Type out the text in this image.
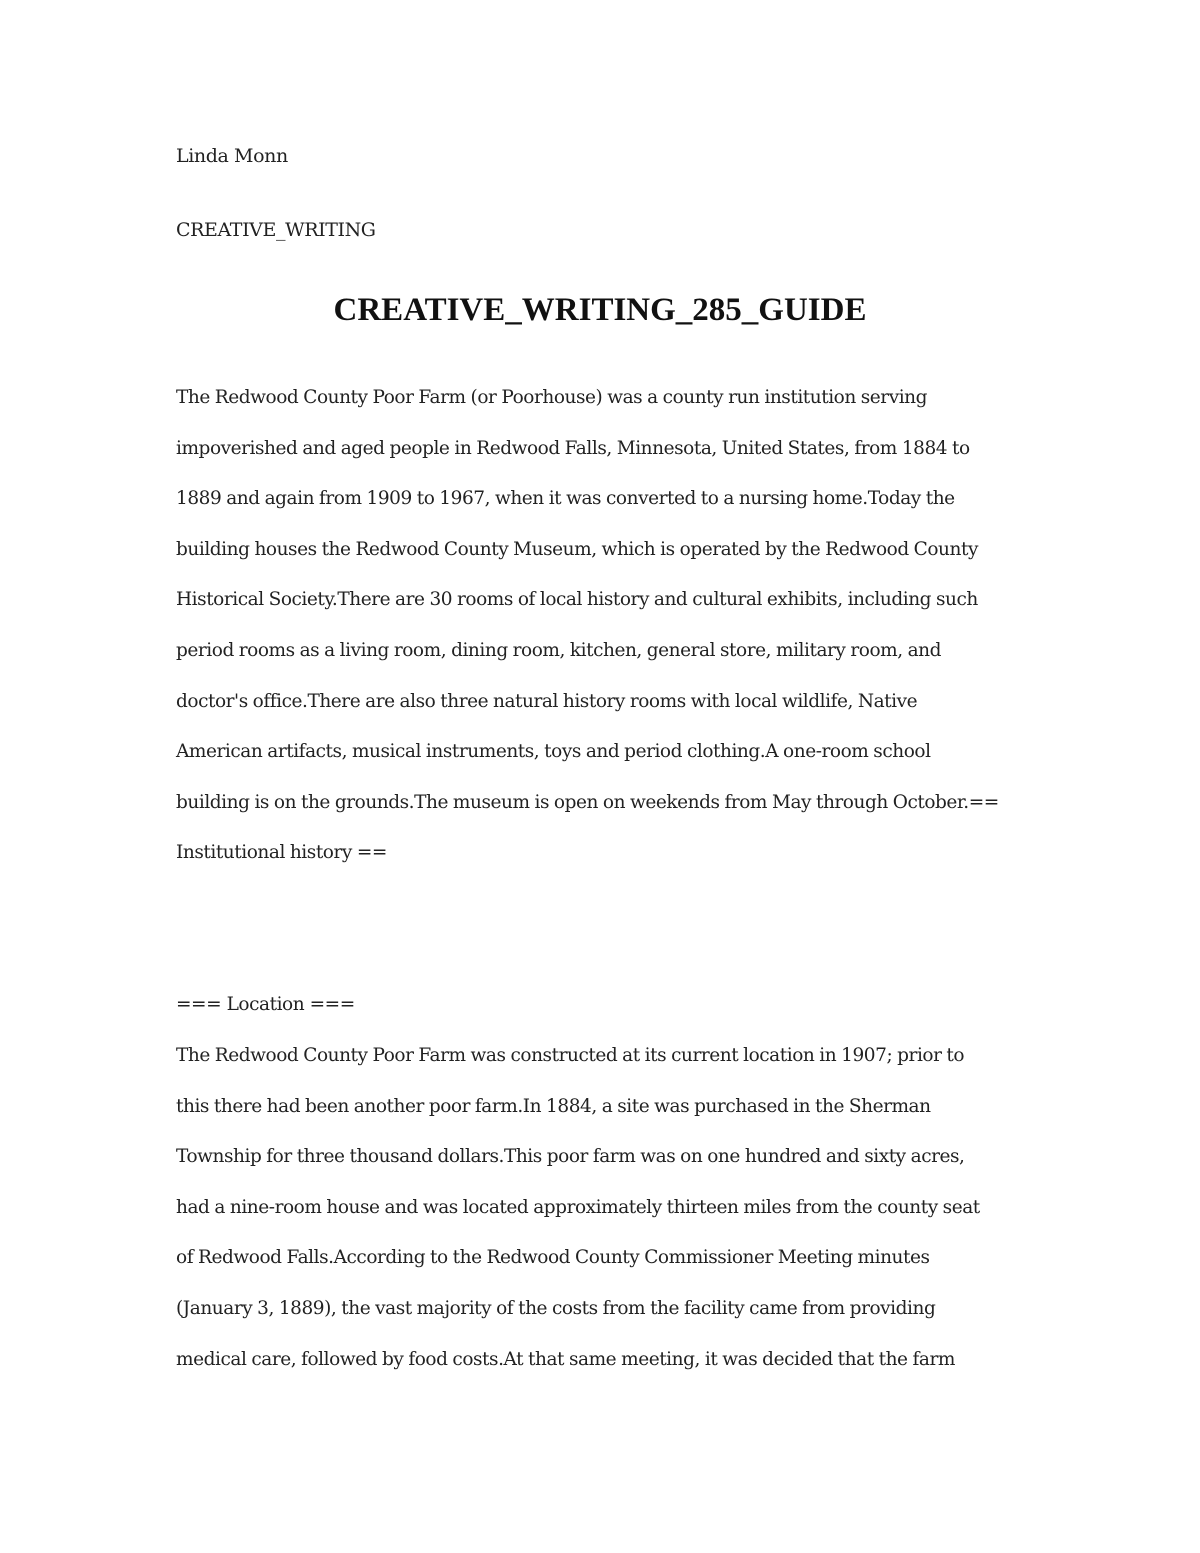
Linda Monn
CREATIVE_WRITING
CREATIVE_WRITING_285_GUIDE
The Redwood County Poor Farm (or Poorhouse) was a county run institution serving
impoverished and aged people in Redwood Falls, Minnesota, United States, from 1884 to
1889 and again from 1909 to 1967, when it was converted to a nursing home.Today the
building houses the Redwood County Museum, which is operated by the Redwood County
Historical Society.There are 30 rooms of local history and cultural exhibits, including such
period rooms as a living room, dining room, kitchen, general store, military room, and
doctor's office.There are also three natural history rooms with local wildlife, Native
American artifacts, musical instruments, toys and period clothing.A one-room school
building is on the grounds.The museum is open on weekends from May through October.==
Institutional history ==
=== Location ===
The Redwood County Poor Farm was constructed at its current location in 1907; prior to
this there had been another poor farm.In 1884, a site was purchased in the Sherman
Township for three thousand dollars.This poor farm was on one hundred and sixty acres,
had a nine-room house and was located approximately thirteen miles from the county seat
of Redwood Falls.According to the Redwood County Commissioner Meeting minutes
(January 3, 1889), the vast majority of the costs from the facility came from providing
medical care, followed by food costs.At that same meeting, it was decided that the farm
